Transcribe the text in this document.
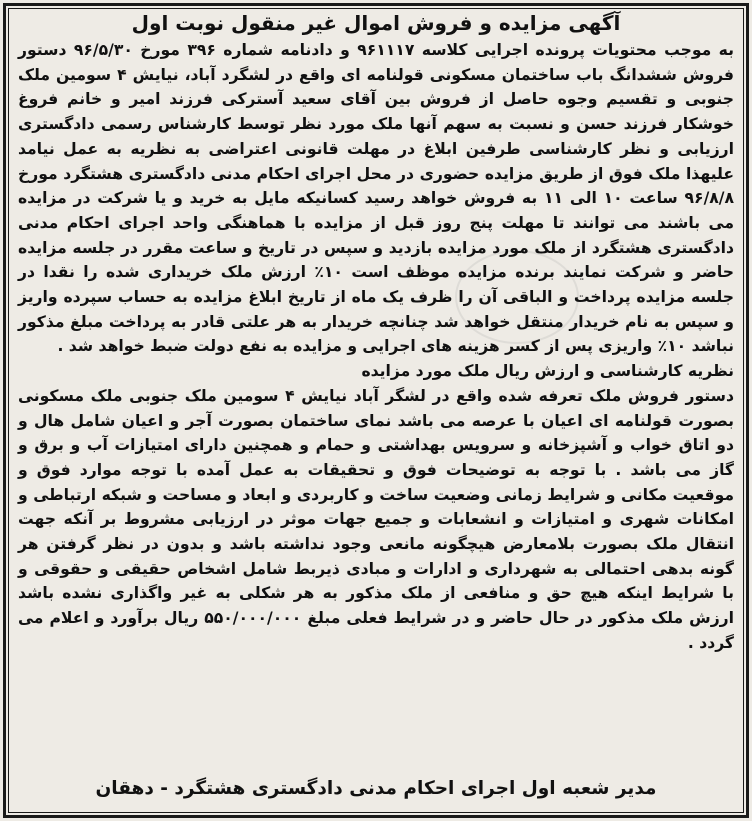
آگهی مزایده و فروش اموال غیر منقول نوبت اول

به موجب محتویات پرونده اجرایی کلاسه ۹۶۱۱۱۷ و دادنامه شماره ۳۹۶ مورخ ۹۶/۵/۳۰ دستور فروش ششدانگ باب ساختمان مسکونی قولنامه ای واقع در لشگرد آباد، نیایش ۴ سومین ملک جنوبی و تقسیم وجوه حاصل از فروش بین آقای سعید آسترکی فرزند امیر و خانم فروغ خوشکار فرزند حسن و نسبت به سهم آنها ملک مورد نظر توسط کارشناس رسمی دادگستری ارزیابی و نظر کارشناسی طرفین ابلاغ در مهلت قانونی اعتراضی به نظریه به عمل نیامد علیهذا ملک فوق از طریق مزایده حضوری در محل اجرای احکام مدنی دادگستری هشتگرد مورخ ۹۶/۸/۸ ساعت ۱۰ الی ۱۱ به فروش خواهد رسید کسانیکه مایل به خرید و یا شرکت در مزایده می باشند می توانند تا مهلت پنج روز قبل از مزایده با هماهنگی واحد اجرای احکام مدنی دادگستری هشتگرد از ملک مورد مزایده بازدید و سپس در تاریخ و ساعت مقرر در جلسه مزایده حاضر و شرکت نمایند برنده مزایده موظف است ۱۰٪ ارزش ملک خریداری شده را نقدا در جلسه مزایده پرداخت و الباقی آن را ظرف یک ماه از تاریخ ابلاغ مزایده به حساب سپرده واریز و سپس به نام خریدار منتقل خواهد شد چنانچه خریدار به هر علتی قادر به پرداخت مبلغ مذکور نباشد ۱۰٪ واریزی پس از کسر هزینه های اجرایی و مزایده به نفع دولت ضبط خواهد شد .

نظریه کارشناسی و ارزش ریال ملک مورد مزایده

دستور فروش ملک تعرفه شده واقع در لشگر آباد نیایش ۴ سومین ملک جنوبی ملک مسکونی بصورت قولنامه ای اعیان با عرصه می باشد نمای ساختمان بصورت آجر و اعیان شامل هال و دو اتاق خواب و آشپزخانه و سرویس بهداشتی و حمام و همچنین دارای امتیازات آب و برق و گاز می باشد . با توجه به توضیحات فوق و تحقیقات به عمل آمده با توجه موارد فوق و موقعیت مکانی و شرایط زمانی وضعیت ساخت و کاربردی و ابعاد و مساحت و شبکه ارتباطی و امکانات شهری و امتیازات و انشعابات و جمیع جهات موثر در ارزیابی مشروط بر آنکه جهت انتقال ملک بصورت بلامعارض هیچگونه مانعی وجود نداشته باشد و بدون در نظر گرفتن هر گونه بدهی احتمالی به شهرداری و ادارات و مبادی ذیربط شامل اشخاص حقیقی و حقوقی و با شرایط اینکه هیچ حق و منافعی از ملک مذکور به هر شکلی به غیر واگذاری نشده باشد ارزش ملک مذکور در حال حاضر و در شرایط فعلی مبلغ ۵۵۰/۰۰۰/۰۰۰ ریال برآورد و اعلام می گردد .

مدیر شعبه اول اجرای احکام مدنی دادگستری هشتگرد - دهقان
